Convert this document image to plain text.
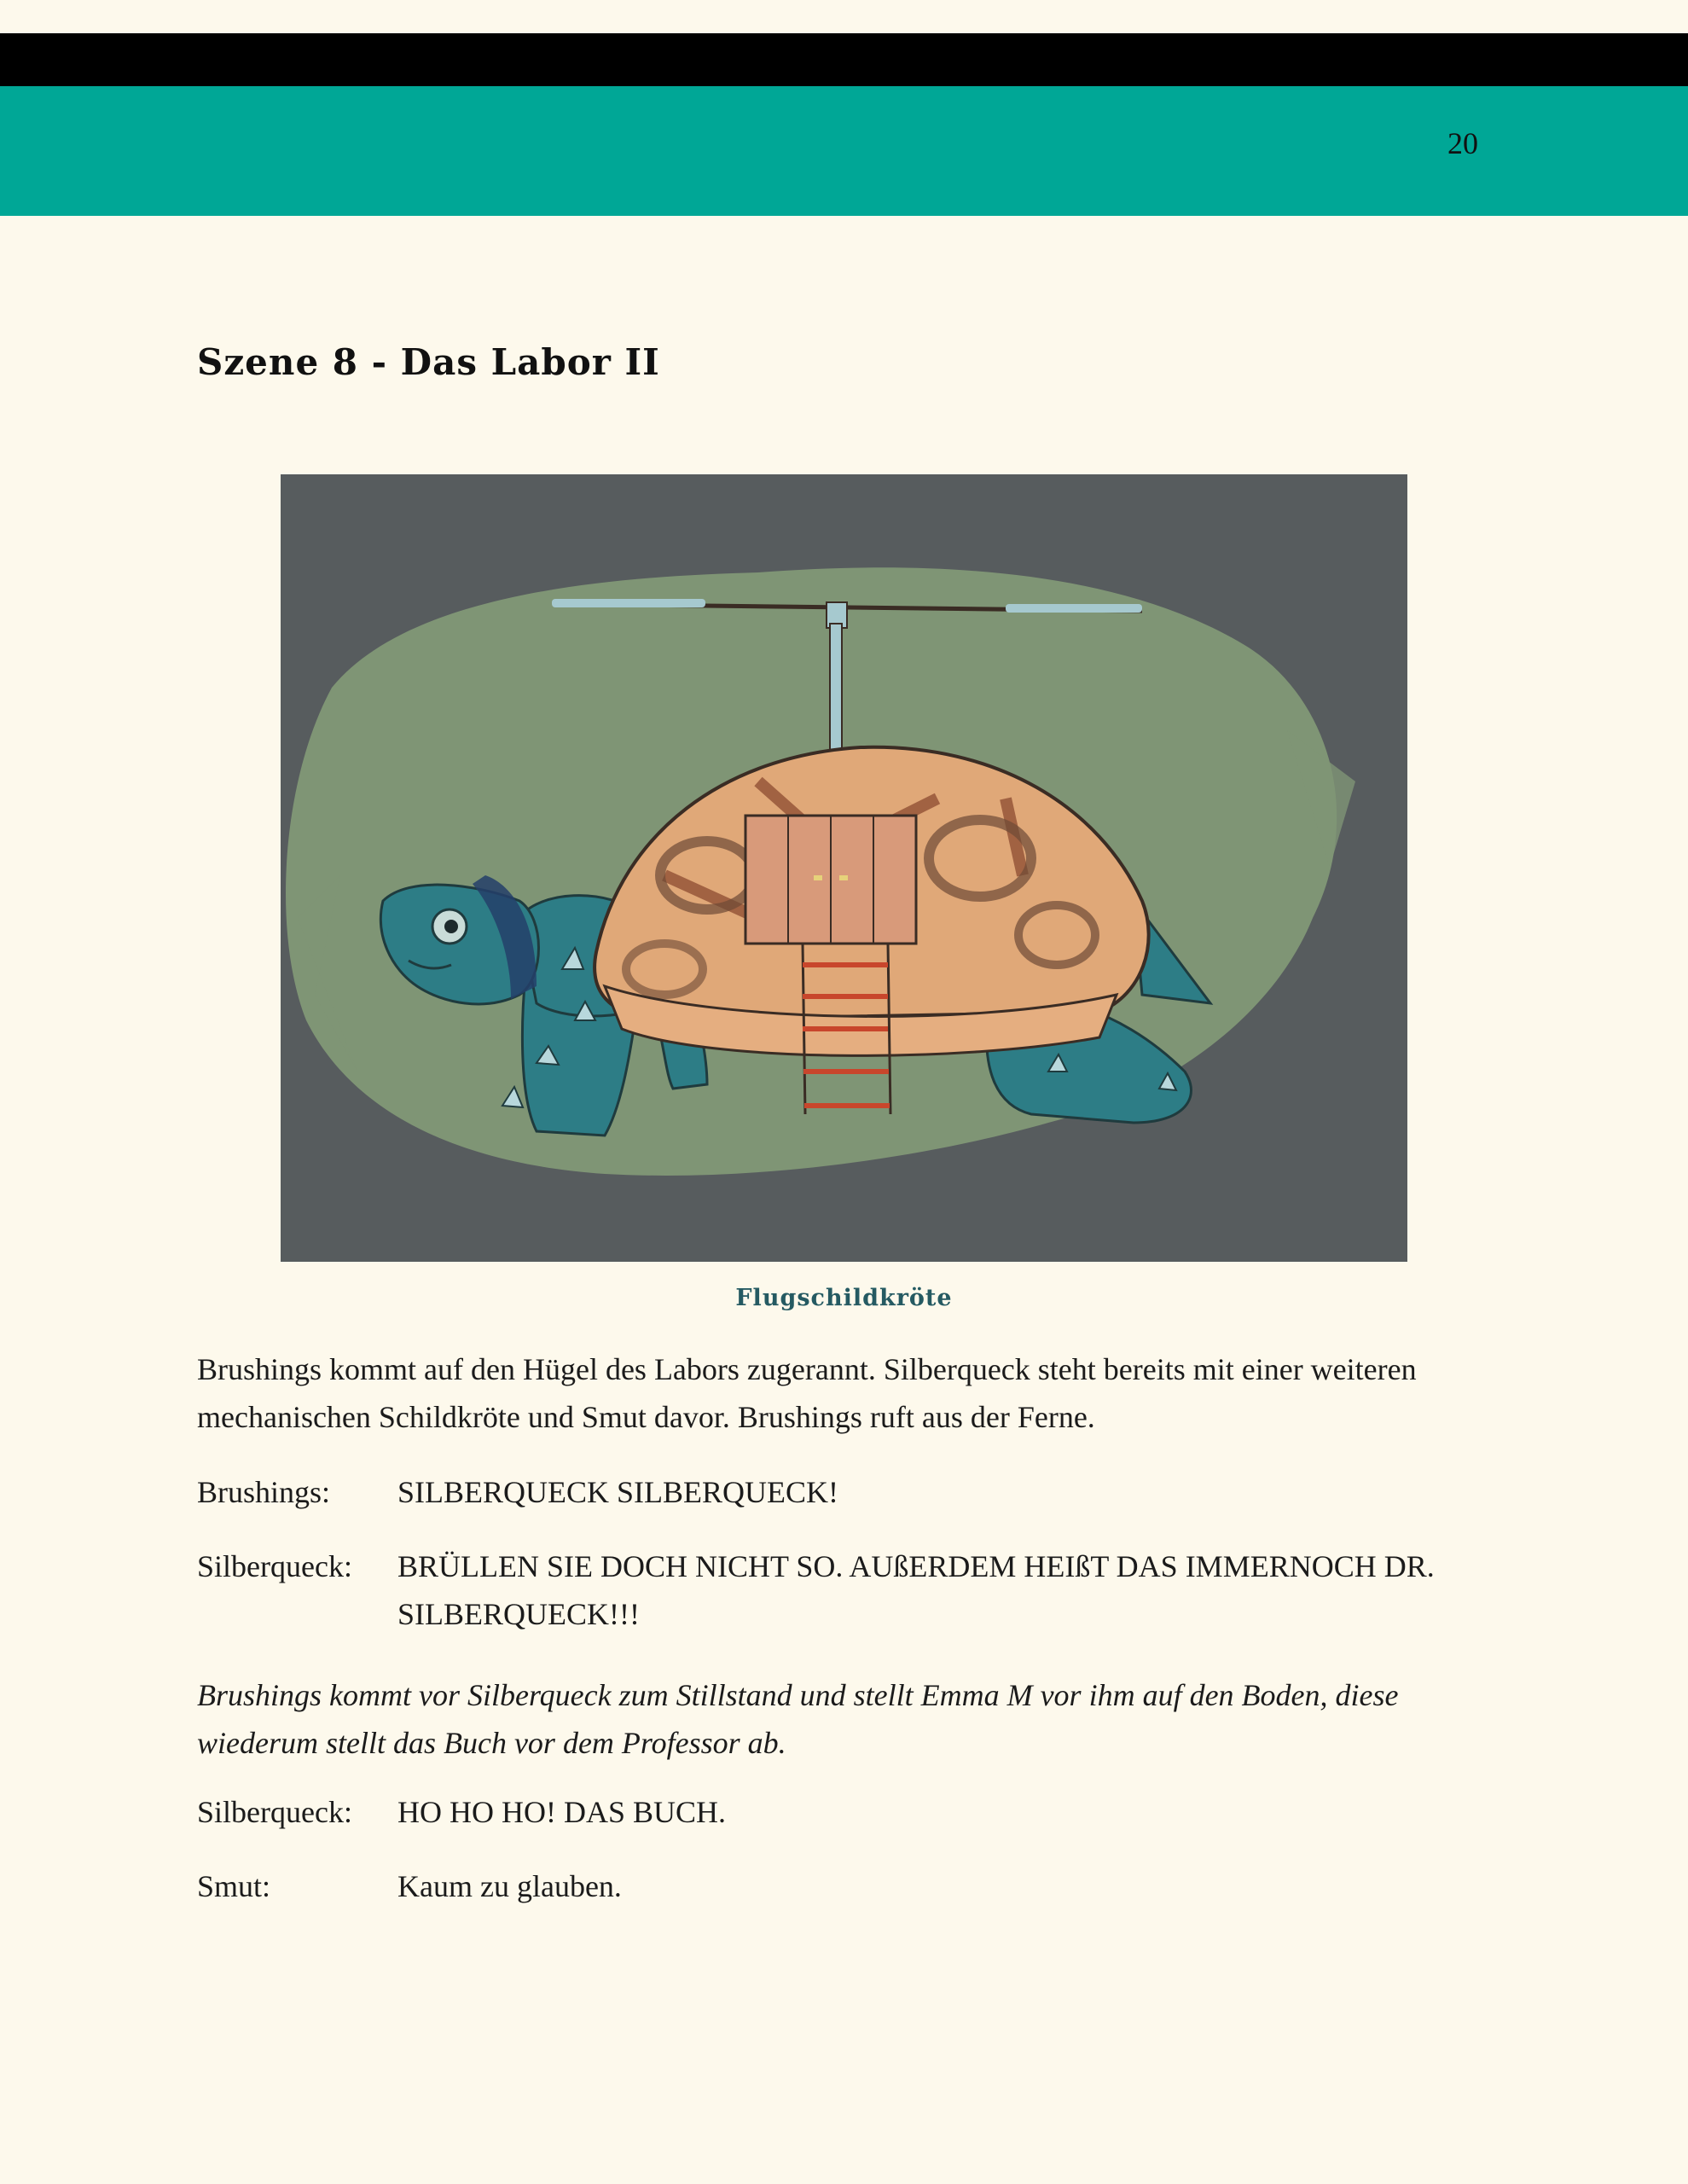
20
Szene 8 - Das Labor II
Flugschildkröte

Brushings kommt auf den Hügel des Labors zugerannt. Silberqueck steht bereits mit einer weiteren mechanischen Schildkröte und Smut davor. Brushings ruft aus der Ferne.

Brushings: SILBERQUECK SILBERQUECK!
Silberqueck: BRÜLLEN SIE DOCH NICHT SO. AUßERDEM HEIßT DAS IMMERNOCH DR. SILBERQUECK!!!

Brushings kommt vor Silberqueck zum Stillstand und stellt Emma M vor ihm auf den Boden, diese wiederum stellt das Buch vor dem Professor ab.

Silberqueck: HO HO HO! DAS BUCH.
Smut:	Kaum zu glauben.
